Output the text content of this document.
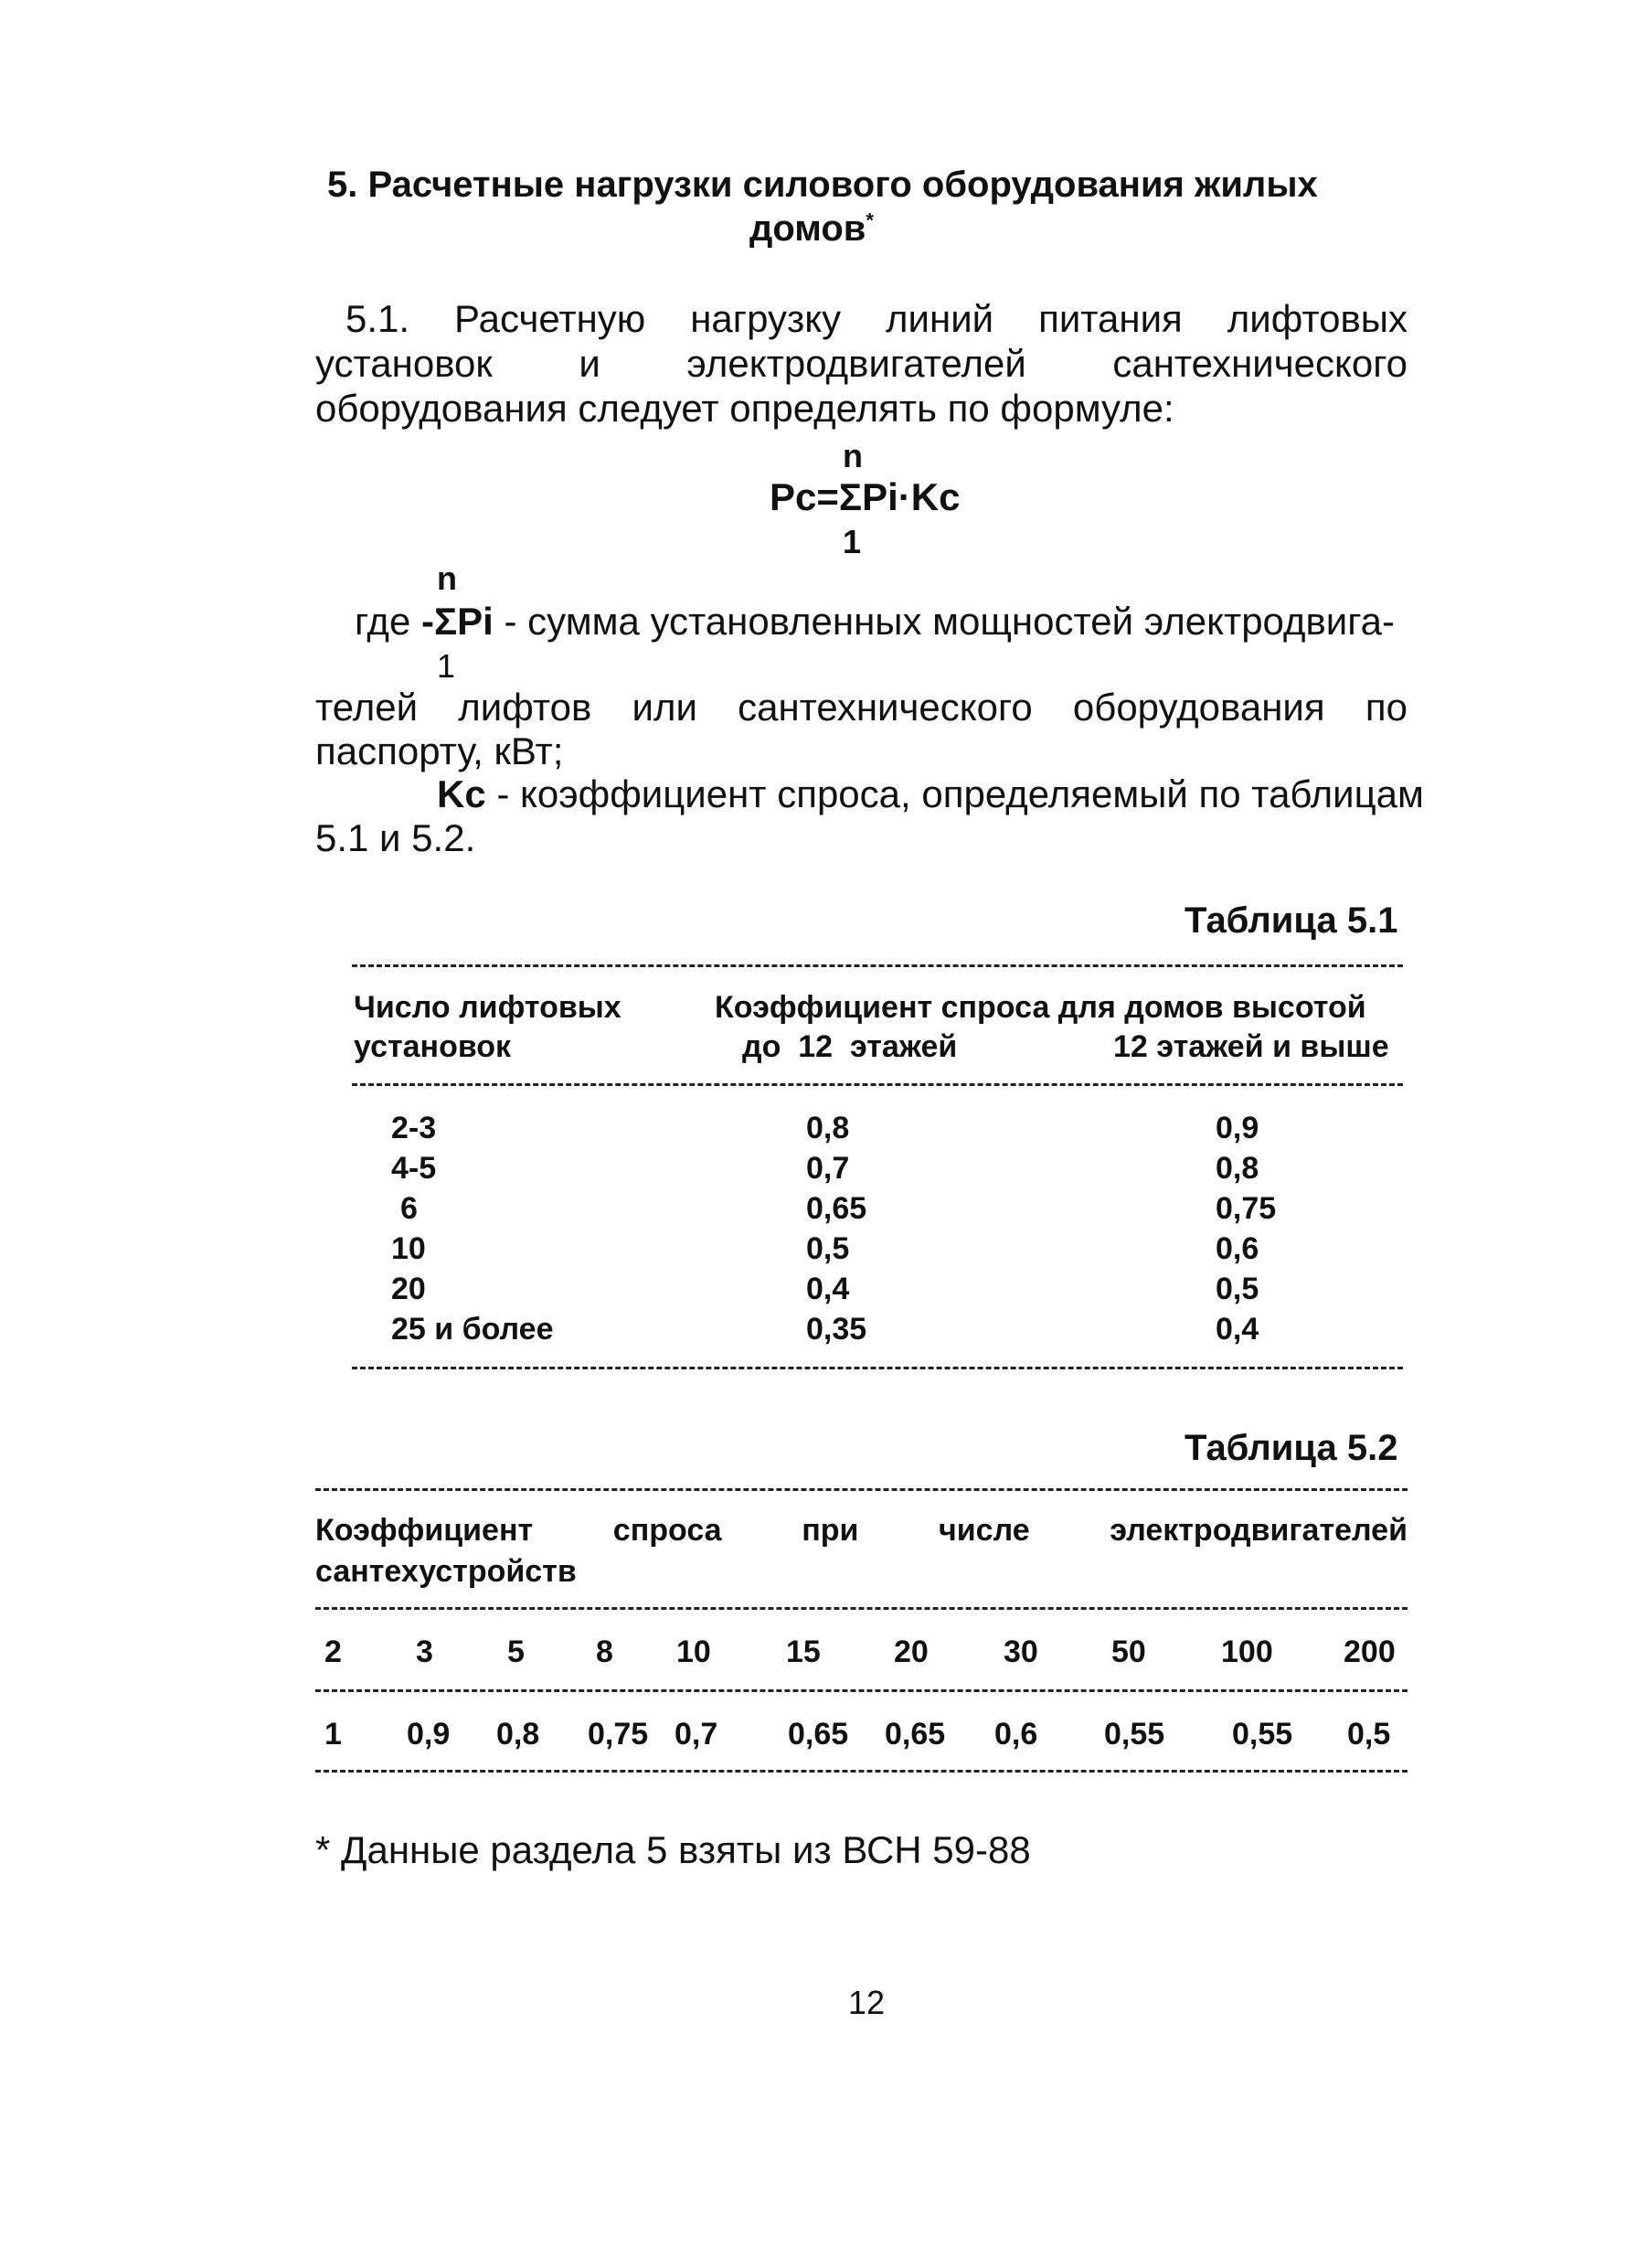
5. Расчетные нагрузки силового оборудования жилых
домов*
5.1. Расчетную нагрузку линий питания лифтовых
установок и электродвигателей сантехнического
оборудования следует определять по формуле:
n
Pc=ΣPi·Kc
1
n
где -ΣPi - сумма установленных мощностей электродвига-
1
телей лифтов или сантехнического оборудования по
паспорту, кВт;
Kc - коэффициент спроса, определяемый по таблицам
5.1 и 5.2.
Таблица 5.1
Число лифтовых
установок
Коэффициент спроса для домов высотой
до  12  этажей	12 этажей и выше
2-3	0,8	0,9
4-5	0,7	0,8
6	0,65	0,75
10	0,5	0,6
20	0,4	0,5
25 и более	0,35	0,4
Таблица 5.2
Коэффициент	спроса	при	числе	электродвигателей
сантехустройств
2 3 5 8 10 15 20 30 50 100 200
1 0,9 0,8 0,75 0,7 0,65 0,65 0,6 0,55 0,55 0,5
* Данные раздела 5 взяты из ВСН 59-88
12
